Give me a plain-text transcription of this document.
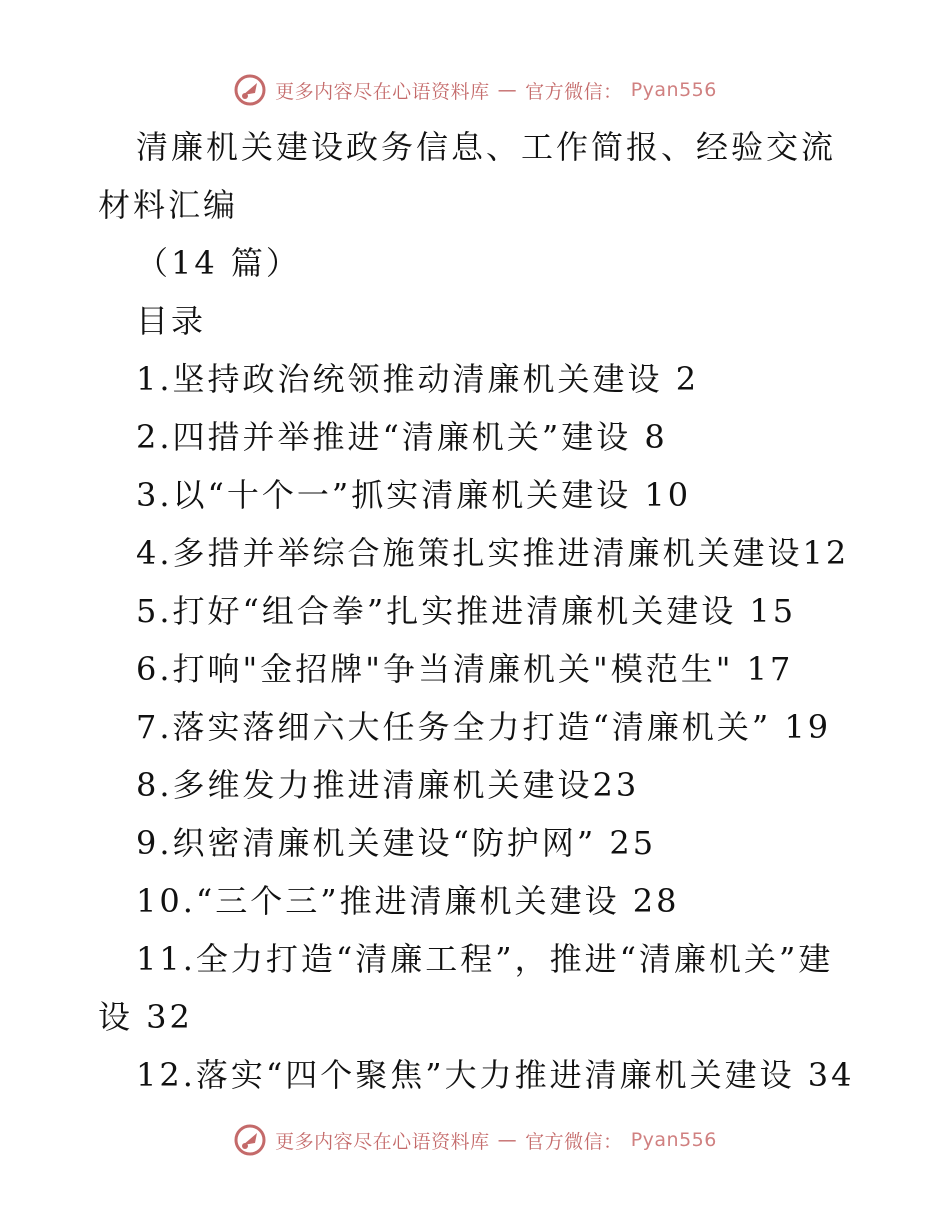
更多内容尽在心语资料库 — 官方微信： Pyan556
清廉机关建设政务信息、工作简报、经验交流材料汇编
（14 篇）
目录
1.坚持政治统领推动清廉机关建设 2
2.四措并举推进“清廉机关”建设 8
3.以“十个一”抓实清廉机关建设 10
4.多措并举综合施策扎实推进清廉机关建设12
5.打好“组合拳”扎实推进清廉机关建设 15
6.打响"金招牌"争当清廉机关"模范生" 17
7.落实落细六大任务全力打造“清廉机关” 19
8.多维发力推进清廉机关建设23
9.织密清廉机关建设“防护网” 25
10.“三个三”推进清廉机关建设 28
11.全力打造“清廉工程”，推进“清廉机关”建设 32
12.落实“四个聚焦”大力推进清廉机关建设 34
更多内容尽在心语资料库 — 官方微信： Pyan556
